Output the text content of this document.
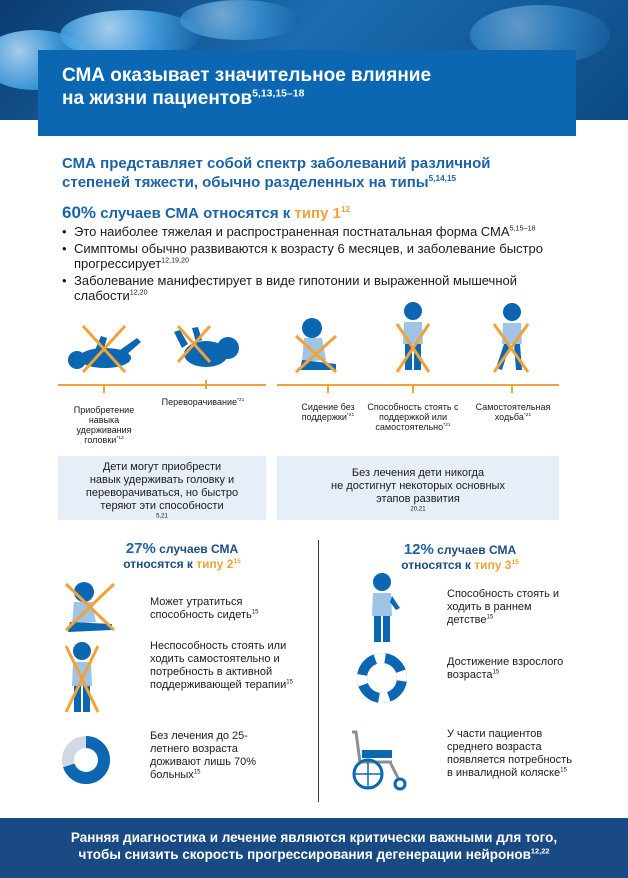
СМА оказывает значительное влияние
на жизни пациентов$^{5,13,15-18}$

СМА представляет собой спектр заболеваний различной
степеней тяжести, обычно разделенных на типы$^{5,14,15}$

60% случаев СМА относятся к типу $1^{12}$

• Это наиболее тяжелая и распространенная постнатальная форма СМА$^{5,15-18}$
• Симптомы обычно развиваются к возрасту 6 месяцев, и заболевание быстро прогрессирует$^{12,19,20}$
• Заболевание манифестирует в виде гипотонии и выраженной мышечной слабости$^{12,20}$
Приобретение навыка удерживания головки$^{*12}$
Переворачивание$^{*21}$
Сидение без поддержки$^{*21}$
Способность стоять с поддержкой или самостоятельно$^{*21}$
Самостоятельная ходьба$^{*21}$
Дети могут приобрести
навык удерживать головку и
переворачиваться, но быстро
теряют эти способности
$^{5,21}$
Без лечения дети никогда
не достигнут некоторых основных
этапов развития
$^{20,21}$
27% случаев СМА
относятся к типу $2^{15}$
12% случаев СМА
относятся к типу $3^{15}$
Может утратиться способность сидеть$^{15}$
Неспособность стоять или ходить самостоятельно и потребность в активной поддерживающей терапии$^{15}$
Без лечения до 25-летнего возраста доживают лишь 70% больных$^{15}$
Способность стоять и ходить в раннем детстве$^{15}$
Достижение взрослого возраста$^{15}$
У части пациентов среднего возраста появляется потребность в инвалидной коляске$^{15}$
Ранняя диагностика и лечение являются критически важными для того,
чтобы снизить скорость прогрессирования дегенерации нейронов$^{12,22}$
